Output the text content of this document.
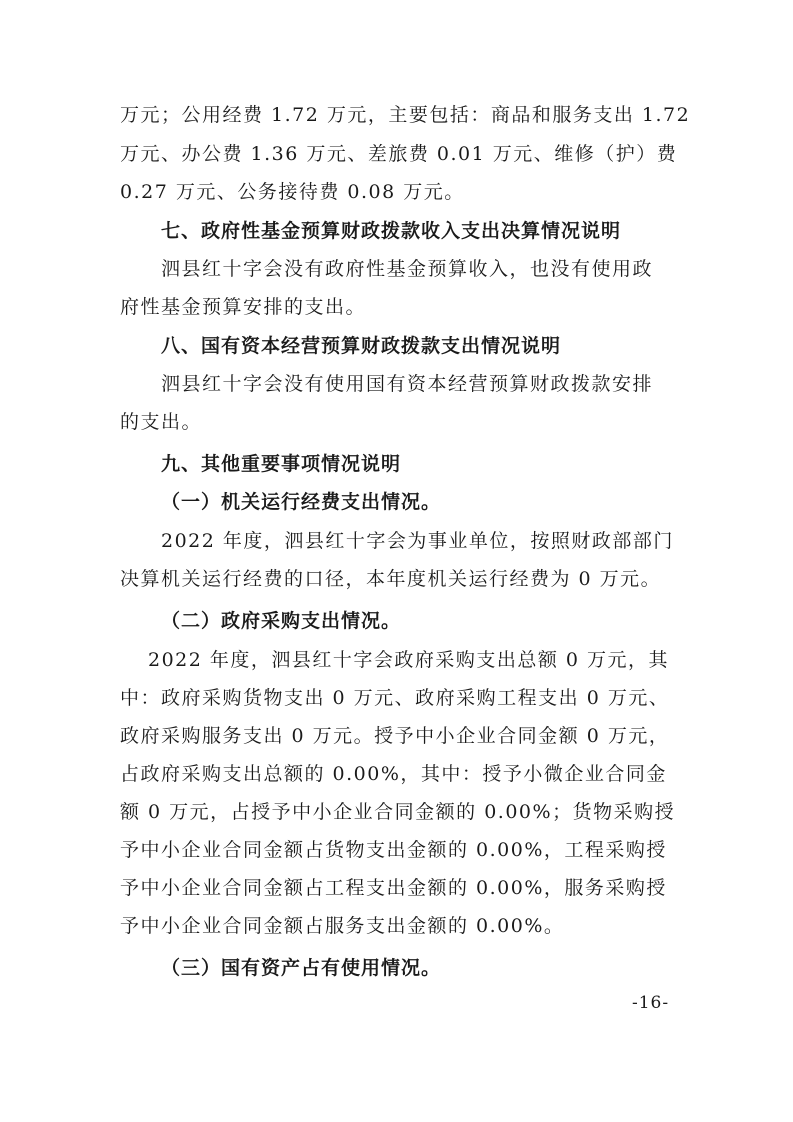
万元；公用经费 1.72 万元，主要包括：商品和服务支出 1.72
万元、办公费 1.36 万元、差旅费 0.01 万元、维修（护）费
0.27 万元、公务接待费 0.08 万元。
七、政府性基金预算财政拨款收入支出决算情况说明
泗县红十字会没有政府性基金预算收入，也没有使用政
府性基金预算安排的支出。
八、国有资本经营预算财政拨款支出情况说明
泗县红十字会没有使用国有资本经营预算财政拨款安排
的支出。
九、其他重要事项情况说明
（一）机关运行经费支出情况。
2022 年度，泗县红十字会为事业单位，按照财政部部门
决算机关运行经费的口径，本年度机关运行经费为 0 万元。
（二）政府采购支出情况。
2022 年度，泗县红十字会政府采购支出总额 0 万元，其
中：政府采购货物支出 0 万元、政府采购工程支出 0 万元、
政府采购服务支出 0 万元。授予中小企业合同金额 0 万元，
占政府采购支出总额的 0.00%，其中：授予小微企业合同金
额 0 万元，占授予中小企业合同金额的 0.00%；货物采购授
予中小企业合同金额占货物支出金额的 0.00%，工程采购授
予中小企业合同金额占工程支出金额的 0.00%，服务采购授
予中小企业合同金额占服务支出金额的 0.00%。
（三）国有资产占有使用情况。
-16-
